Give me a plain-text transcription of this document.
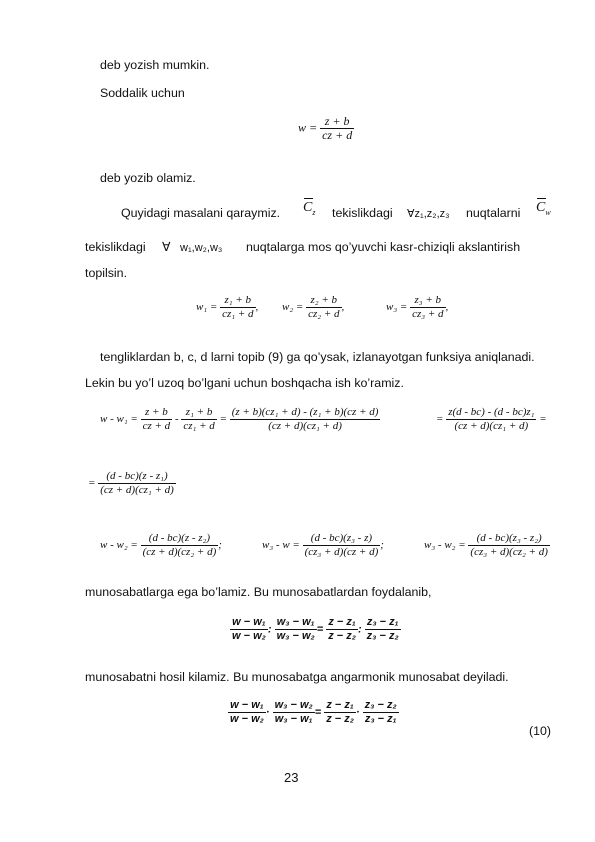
deb yozish mumkin.
Soddalik uchun
$w = \frac{z + b}{cz + d}$
deb yozib olamiz.
Quyidagi masalani qaraymiz. $C_z$ tekislikdagi ∀z₁,z₂,z₃ nuqtalarni $C_w$
tekislikdagi ∀ w₁,w₂,w₃ nuqtalarga mos qo’yuvchi kasr-chiziqli akslantirish
topilsin.
$w_1 = \frac{\text{z₁ + b}}{\text{cz₁ + d}}$ , $w_2 = \frac{\text{z₂ + b}}{\text{cz₂ + d}}$ ,	$w_3 = \frac{\text{z₃ + b}}{\text{cz₃ + d}}$ ,
tengliklardan b, c, d larni topib (9) ga qo’ysak, izlanayotgan funksiya aniqlanadi.
Lekin bu yo’l uzoq bo’lgani uchun boshqacha ish ko’ramiz.
$w - w_1 = \frac{z + b}{cz + d} - \frac{\text{z₁ + b}}{\text{cz₁ + d}} = \frac{\text{(z + b)(cz₁ + d) - (z₁ + b)(cz + d)}}{\text{(cz + d)(cz₁ + d)}}$	= $\frac{\text{z(d - bc) - (d - bc)z₁}}{\text{(cz + d)(cz₁ + d)}}$ =
= $\frac{\text{(d - bc)(z - z₁)}}{\text{(cz + d)(cz₁ + d)}}$
$w - w_2 = \frac{\text{(d - bc)(z - z₂)}}{\text{(cz + d)(cz₂ + d)}}$ ;	$w_3 - w = \frac{\text{(d - bc)(z₃ - z)}}{\text{(cz₃ + d)(cz + d)}}$ ;	$w_3 - w_2 = \frac{\text{(d - bc)(z₃ - z₂)}}{\text{(cz₃ + d)(cz₂ + d)}}$
munosabatlarga ega bo’lamiz. Bu munosabatlardan foydalanib,
$\frac{\text{w − w₁}}{\text{w − w₂}}$ : $\frac{\text{w₃ − w₁}}{\text{w₃ − w₂}} = \frac{\text{z − z₁}}{\text{z − z₂}}$ : $\frac{\text{z₃ − z₁}}{\text{z₃ − z₂}}$
munosabatni hosil kilamiz. Bu munosabatga angarmonik munosabat deyiladi.
$\frac{\text{w − w₁}}{\text{w − w₂}} \cdot \frac{\text{w₃ − w₂}}{\text{w₃ − w₁}} = \frac{\text{z − z₁}}{\text{z − z₂}} \cdot \frac{\text{z₃ − z₂}}{\text{z₃ − z₁}}$
(10)
23
